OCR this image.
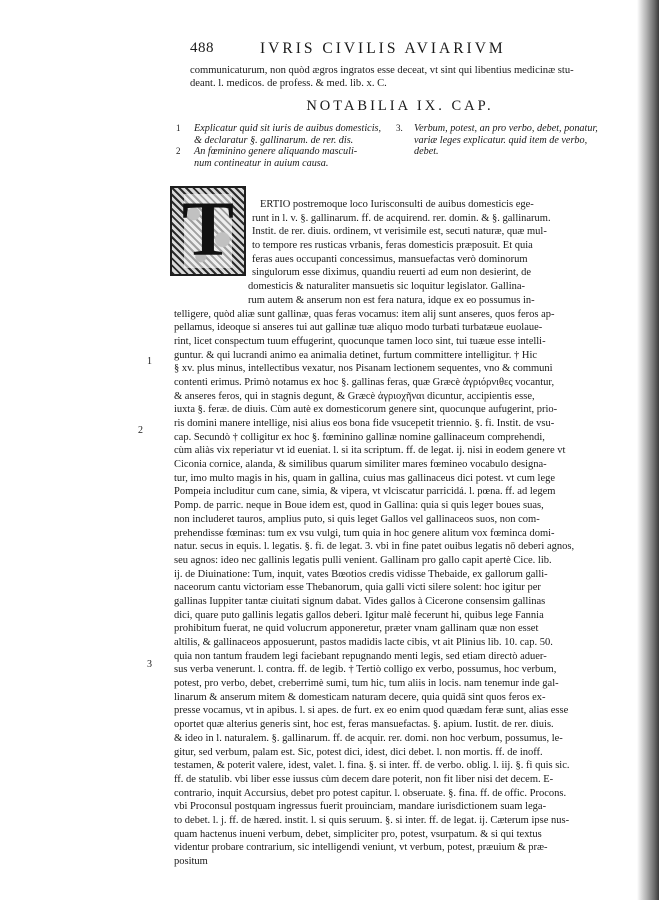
488	IVRIS CIVILIS AVIARIVM
communicaturum, non quòd ægros ingratos esse deceat, vt sint qui libentius medicinæ stu-
deant. l. medicos. de profess. & med. lib. x. C.
NOTABILIA IX. CAP.
1 Explicatur quid sit iuris de auibus domesticis,
& declaratur §. gallinarum. de rer. dis.
2 An fœminino genere aliquando masculi-
num contineatur in auium causa.
3. Verbum, potest, an pro verbo, debet, ponatur,
variæ leges explicatur. quid item de verbo,
debet.
T	ERTIO postremoque loco Iurisconsulti de auibus domesticis ege-
runt in l. v. §. gallinarum. ff. de acquirend. rer. domin. & §. gallinarum.
Instit. de rer. diuis. ordinem, vt verisimile est, secuti naturæ, quæ mul-
to tempore res rusticas vrbanis, feras domesticis præposuit. Et quia
feras aues occupanti concessimus, mansuefactas verò dominorum
singulorum esse diximus, quandiu reuerti ad eum non desierint, de
domesticis & naturaliter mansuetis sic loquitur legislator. Gallina-
rum autem & anserum non est fera natura, idque ex eo possumus in-
telligere, quòd aliæ sunt gallinæ, quas feras vocamus: item alij sunt anseres, quos feros ap-
pellamus, ideoque si anseres tui aut gallinæ tuæ aliquo modo turbati turbatæue euolaue-
rint, licet conspectum tuum effugerint, quocunque tamen loco sint, tui tuæue esse intelli-
guntur. & qui lucrandi animo ea animalia detinet, furtum committere intelligitur. † Hic
§ xv. plus minus, intellectibus vexatur, nos Pisanam lectionem sequentes, vno & communi
contenti erimus. Primò notamus ex hoc §. gallinas feras, quæ Græcè ἀγριόρνιθες vocantur,
& anseres feros, qui in stagnis degunt, & Græcè ἀγριοχῆναι dicuntur, accipientis esse,
iuxta §. feræ. de diuis. Cùm autè ex domesticorum genere sint, quocunque aufugerint, prio-
ris domini manere intellige, nisi alius eos bona fide vsucepetit triennio. §. fi. Instit. de vsu-
cap. Secundò † colligitur ex hoc §. fœminino gallinæ nomine gallinaceum comprehendi,
cùm aliàs vix reperiatur vt id eueniat. l. si ita scriptum. ff. de legat. ij. nisi in eodem genere vt
Ciconia cornice, alanda, & similibus quarum similiter mares fœmineo vocabulo designa-
tur, imo multo magis in his, quam in gallina, cuius mas gallinaceus dici potest. vt cum lege
Pompeia includitur cum cane, simia, & vipera, vt vlciscatur parricidá. l. pœna. ff. ad legem
Pomp. de parric. neque in Boue idem est, quod in Gallina: quia si quis legeт boues suas,
non includeret tauros, amplius puto, si quis leget Gallos vel gallinaceos suos, non com-
prehendisse fœminas: tum ex vsu vulgi, tum quia in hoc genere alitum vox fœminca domi-
natur. secus in equis. l. legatis. §. fi. de legat. 3. vbi in fine patet ouibus legatis nō deberi agnos,
seu agnos: ideo nec gallinis legatis pulli venient. Gallinam pro gallo capit apertè Cice. lib.
ij. de Diuinatione: Tum, inquit, vates Bœotios credis vidisse Thebaide, ex gallorum galli-
naceorum cantu victoriam esse Thebanorum, quia galli victi silere solent: hoc igitur per
gallinas Iuppiter tantæ ciuitati signum dabat. Vides gallos à Cicerone consensim gallinas
dici, quare puto gallinis legatis gallos deberi. Igitur malè fecerunt hi, quibus lege Fannia
prohibitum fuerat, ne quid volucrum apponeretur, præter vnam gallinam quæ non esset
altilis, & gallinaceos apposuerunt, pastos madidis lacte cibis, vt ait Plinius lib. 10. cap. 50.
quia non tantum fraudem legi faciebant repugnando menti legis, sed etiam directò aduer-
sus verba venerunt. l. contra. ff. de legib. † Tertiò colligo ex verbo, possumus, hoc verbum,
potest, pro verbo, debet, creberrimè sumi, tum hic, tum aliis in locis. nam tenemur inde gal-
linarum & anserum mitem & domesticam naturam decere, quia quidā sint quos feros ex-
presse vocamus, vt in apibus. l. si apes. de furt. ex eo enim quod quædam feræ sunt, alias esse
oportet quæ alterius generis sint, hoc est, feras mansuefactas. §. apium. Iustit. de rer. diuis.
& ideo in l. naturalem. §. gallinarum. ff. de acquir. rer. domi. non hoc verbum, possumus, le-
gitur, sed verbum, palam est. Sic, potest dici, idest, dici debet. l. non mortis. ff. de inoff.
testamen, & poterit valere, idest, valet. l. fina. §. si inter. ff. de verbo. oblig. l. iij. §. fi quis sic.
ff. de statulib. vbi liber esse iussus cùm decem dare poterit, non fit liber nisi det decem. E-
contrario, inquit Accursius, debet pro potest capitur. l. obseruate. §. fina. ff. de offic. Procons.
vbi Proconsul postquam ingressus fuerit prouinciam, mandare iurisdictionem suam lega-
to debet. l. j. ff. de hæred. instit. l. si quis seruum. §. si inter. ff. de legat. ij. Cæterum ipse nus-
quam hactenus inueni verbum, debet, simpliciter pro, potest, vsurpatum. & si qui textus
videntur probare contrarium, sic intelligendi veniunt, vt verbum, potest, præuium & præ-
positum
1
2
3
